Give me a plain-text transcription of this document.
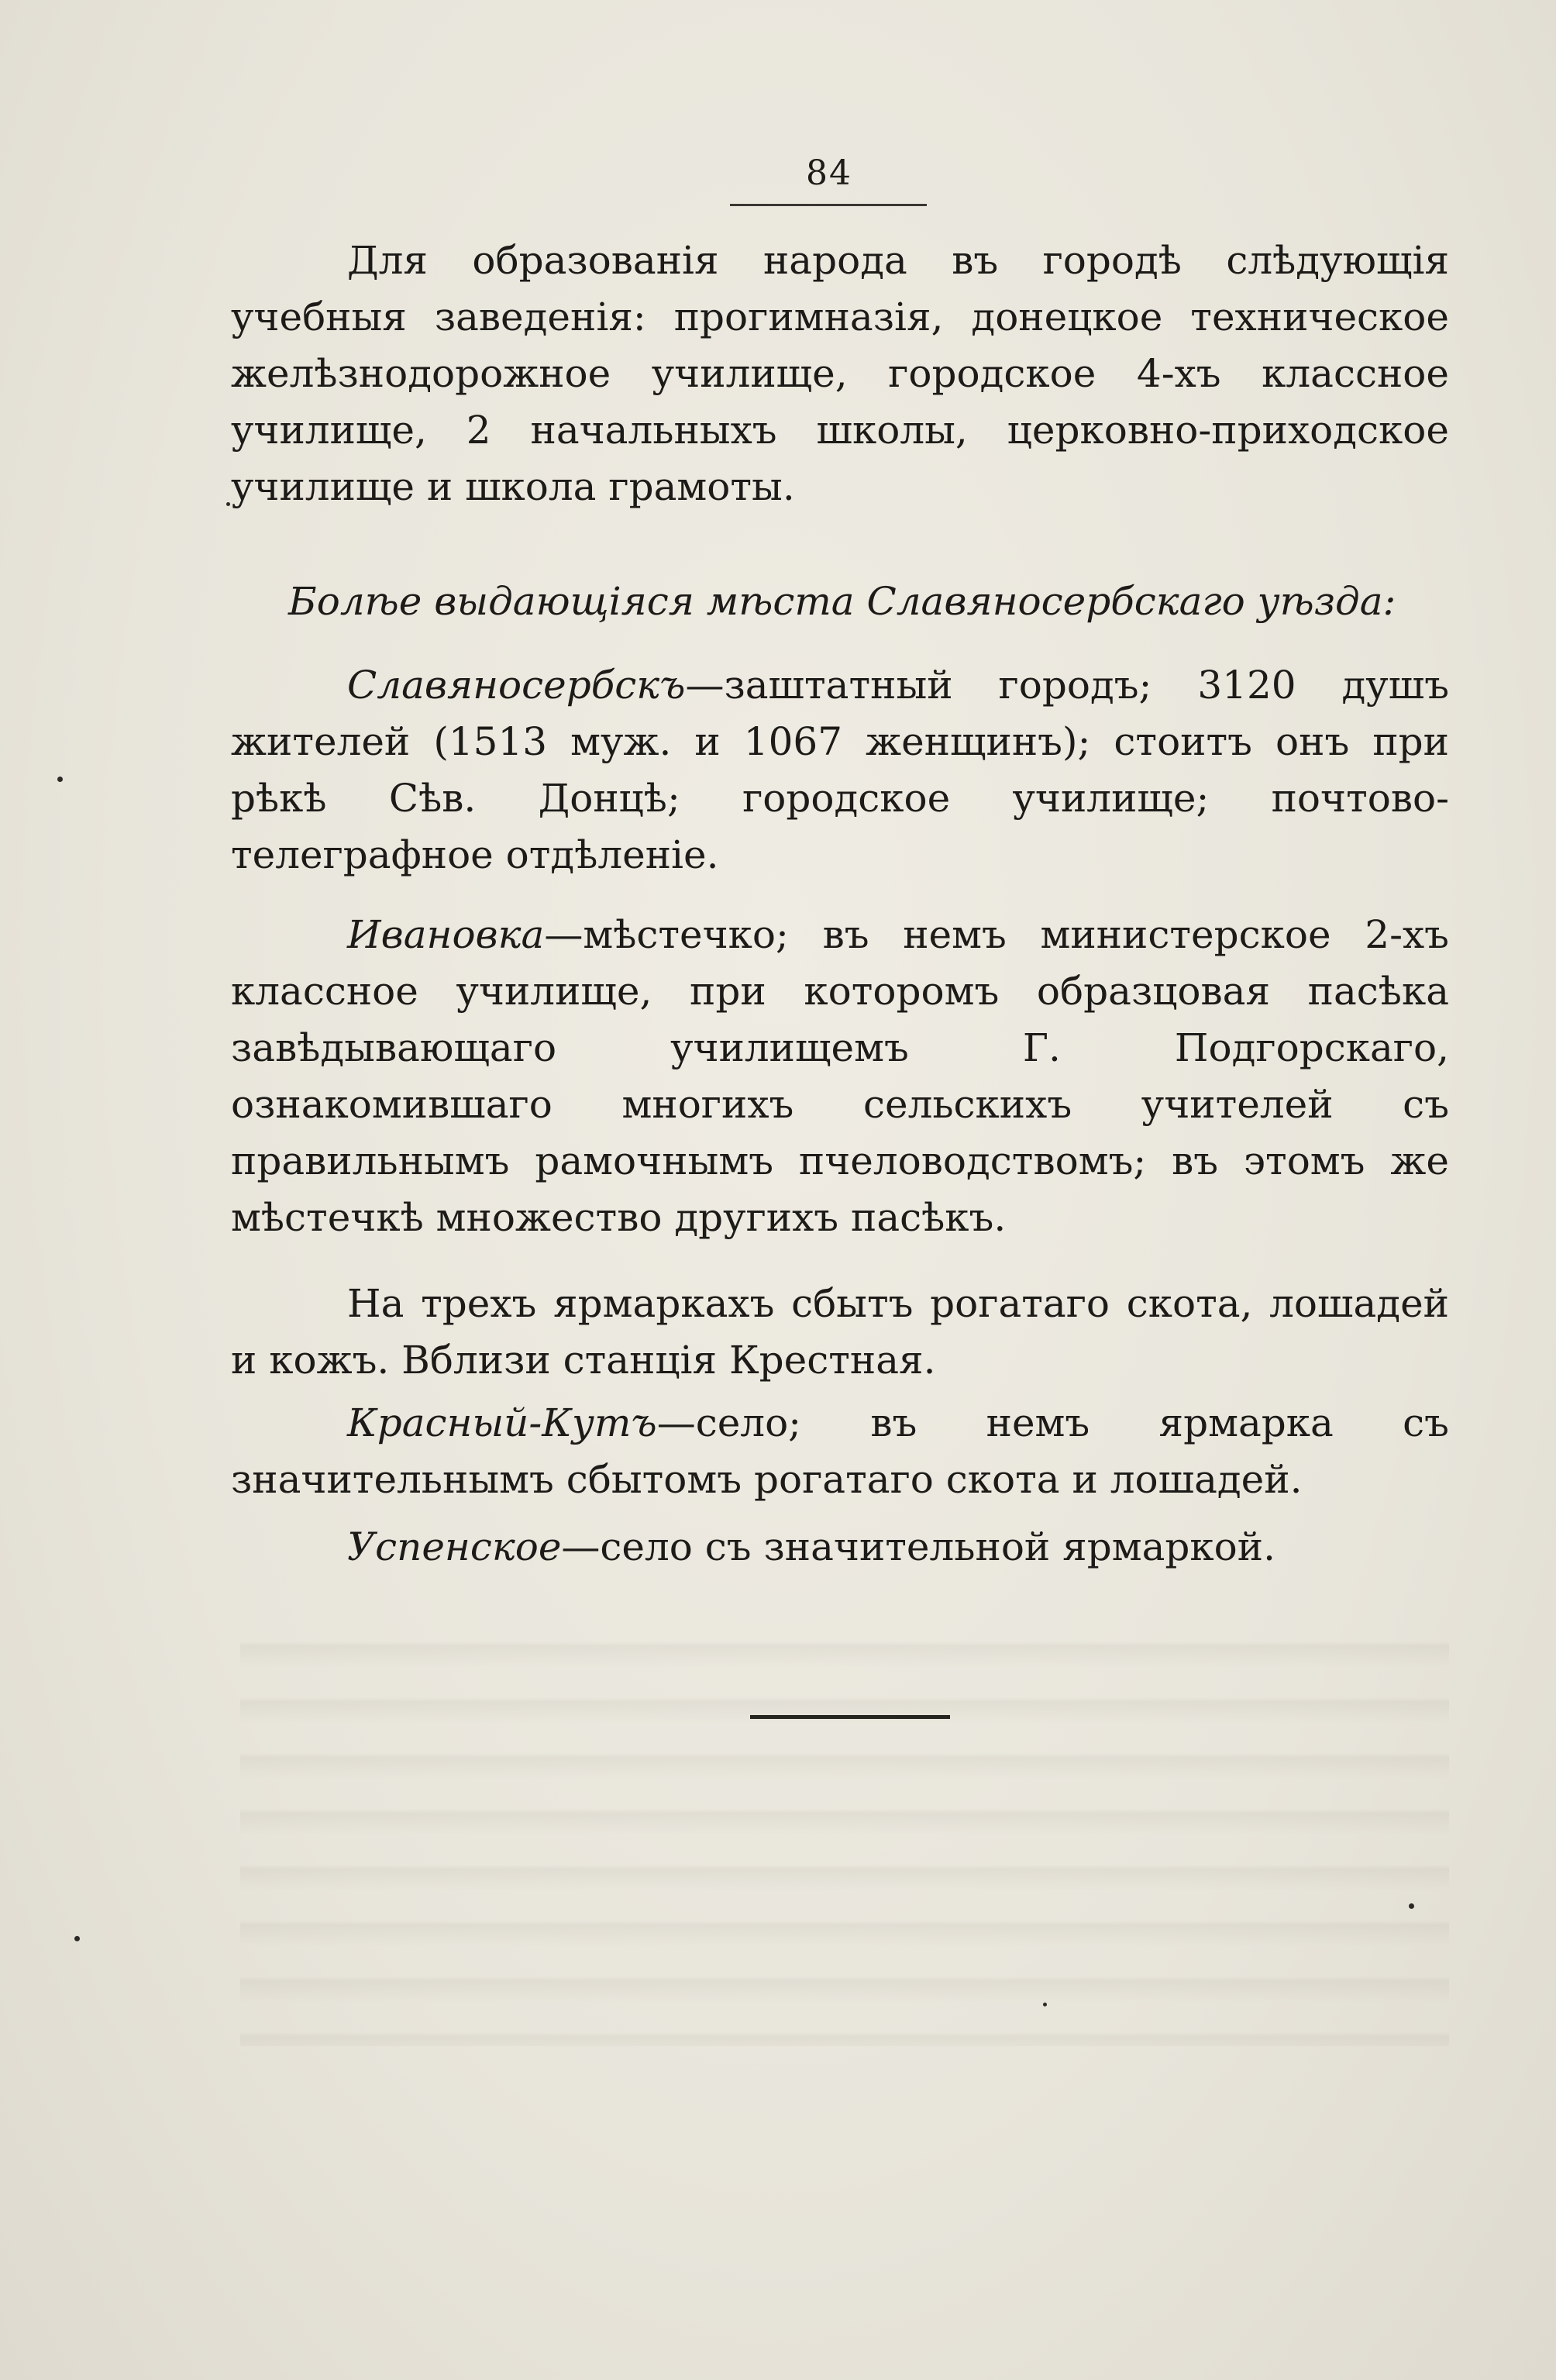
84

Для образованія народа въ городѣ слѣдующія учебныя заведенія: прогимназія, донецкое техническое желѣзнодорожное училище, городское 4-хъ классное училище, 2 начальныхъ школы, церковно-приходское училище и школа грамоты.

Болѣе выдающіяся мѣста Славяносербскаго уѣзда:

Славяносербскъ—заштатный городъ; 3120 душъ жителей (1513 муж. и 1067 женщинъ); стоитъ онъ при рѣкѣ Сѣв. Донцѣ; городское училище; почтово-телеграфное отдѣленіе.

Ивановка—мѣстечко; въ немъ министерское 2-хъ классное училище, при которомъ образцовая пасѣка завѣдывающаго училищемъ Г. Подгорскаго, ознакомившаго многихъ сельскихъ учителей съ правильнымъ рамочнымъ пчеловодствомъ; въ этомъ же мѣстечкѣ множество другихъ пасѣкъ.

На трехъ ярмаркахъ сбытъ рогатаго скота, лошадей и кожъ. Вблизи станція Крестная.

Красный-Кутъ—село; въ немъ ярмарка съ значительнымъ сбытомъ рогатаго скота и лошадей.

Успенское—село съ значительной ярмаркой.
